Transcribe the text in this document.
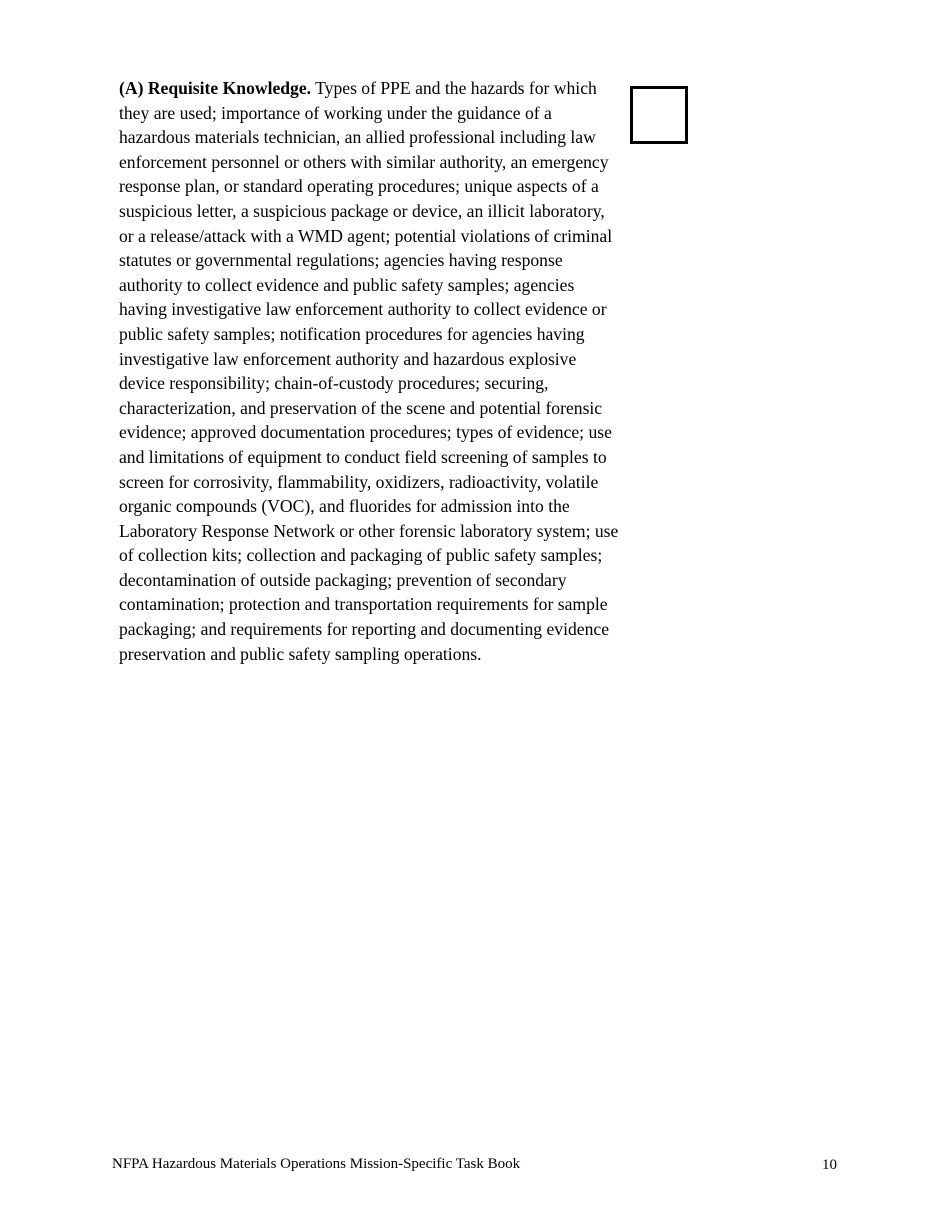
(A) Requisite Knowledge. Types of PPE and the hazards for which they are used; importance of working under the guidance of a hazardous materials technician, an allied professional including law enforcement personnel or others with similar authority, an emergency response plan, or standard operating procedures; unique aspects of a suspicious letter, a suspicious package or device, an illicit laboratory, or a release/attack with a WMD agent; potential violations of criminal statutes or governmental regulations; agencies having response authority to collect evidence and public safety samples; agencies having investigative law enforcement authority to collect evidence or public safety samples; notification procedures for agencies having investigative law enforcement authority and hazardous explosive device responsibility; chain-of-custody procedures; securing, characterization, and preservation of the scene and potential forensic evidence; approved documentation procedures; types of evidence; use and limitations of equipment to conduct field screening of samples to screen for corrosivity, flammability, oxidizers, radioactivity, volatile organic compounds (VOC), and fluorides for admission into the Laboratory Response Network or other forensic laboratory system; use of collection kits; collection and packaging of public safety samples; decontamination of outside packaging; prevention of secondary contamination; protection and transportation requirements for sample packaging; and requirements for reporting and documenting evidence preservation and public safety sampling operations.

NFPA Hazardous Materials Operations Mission-Specific Task Book	10
